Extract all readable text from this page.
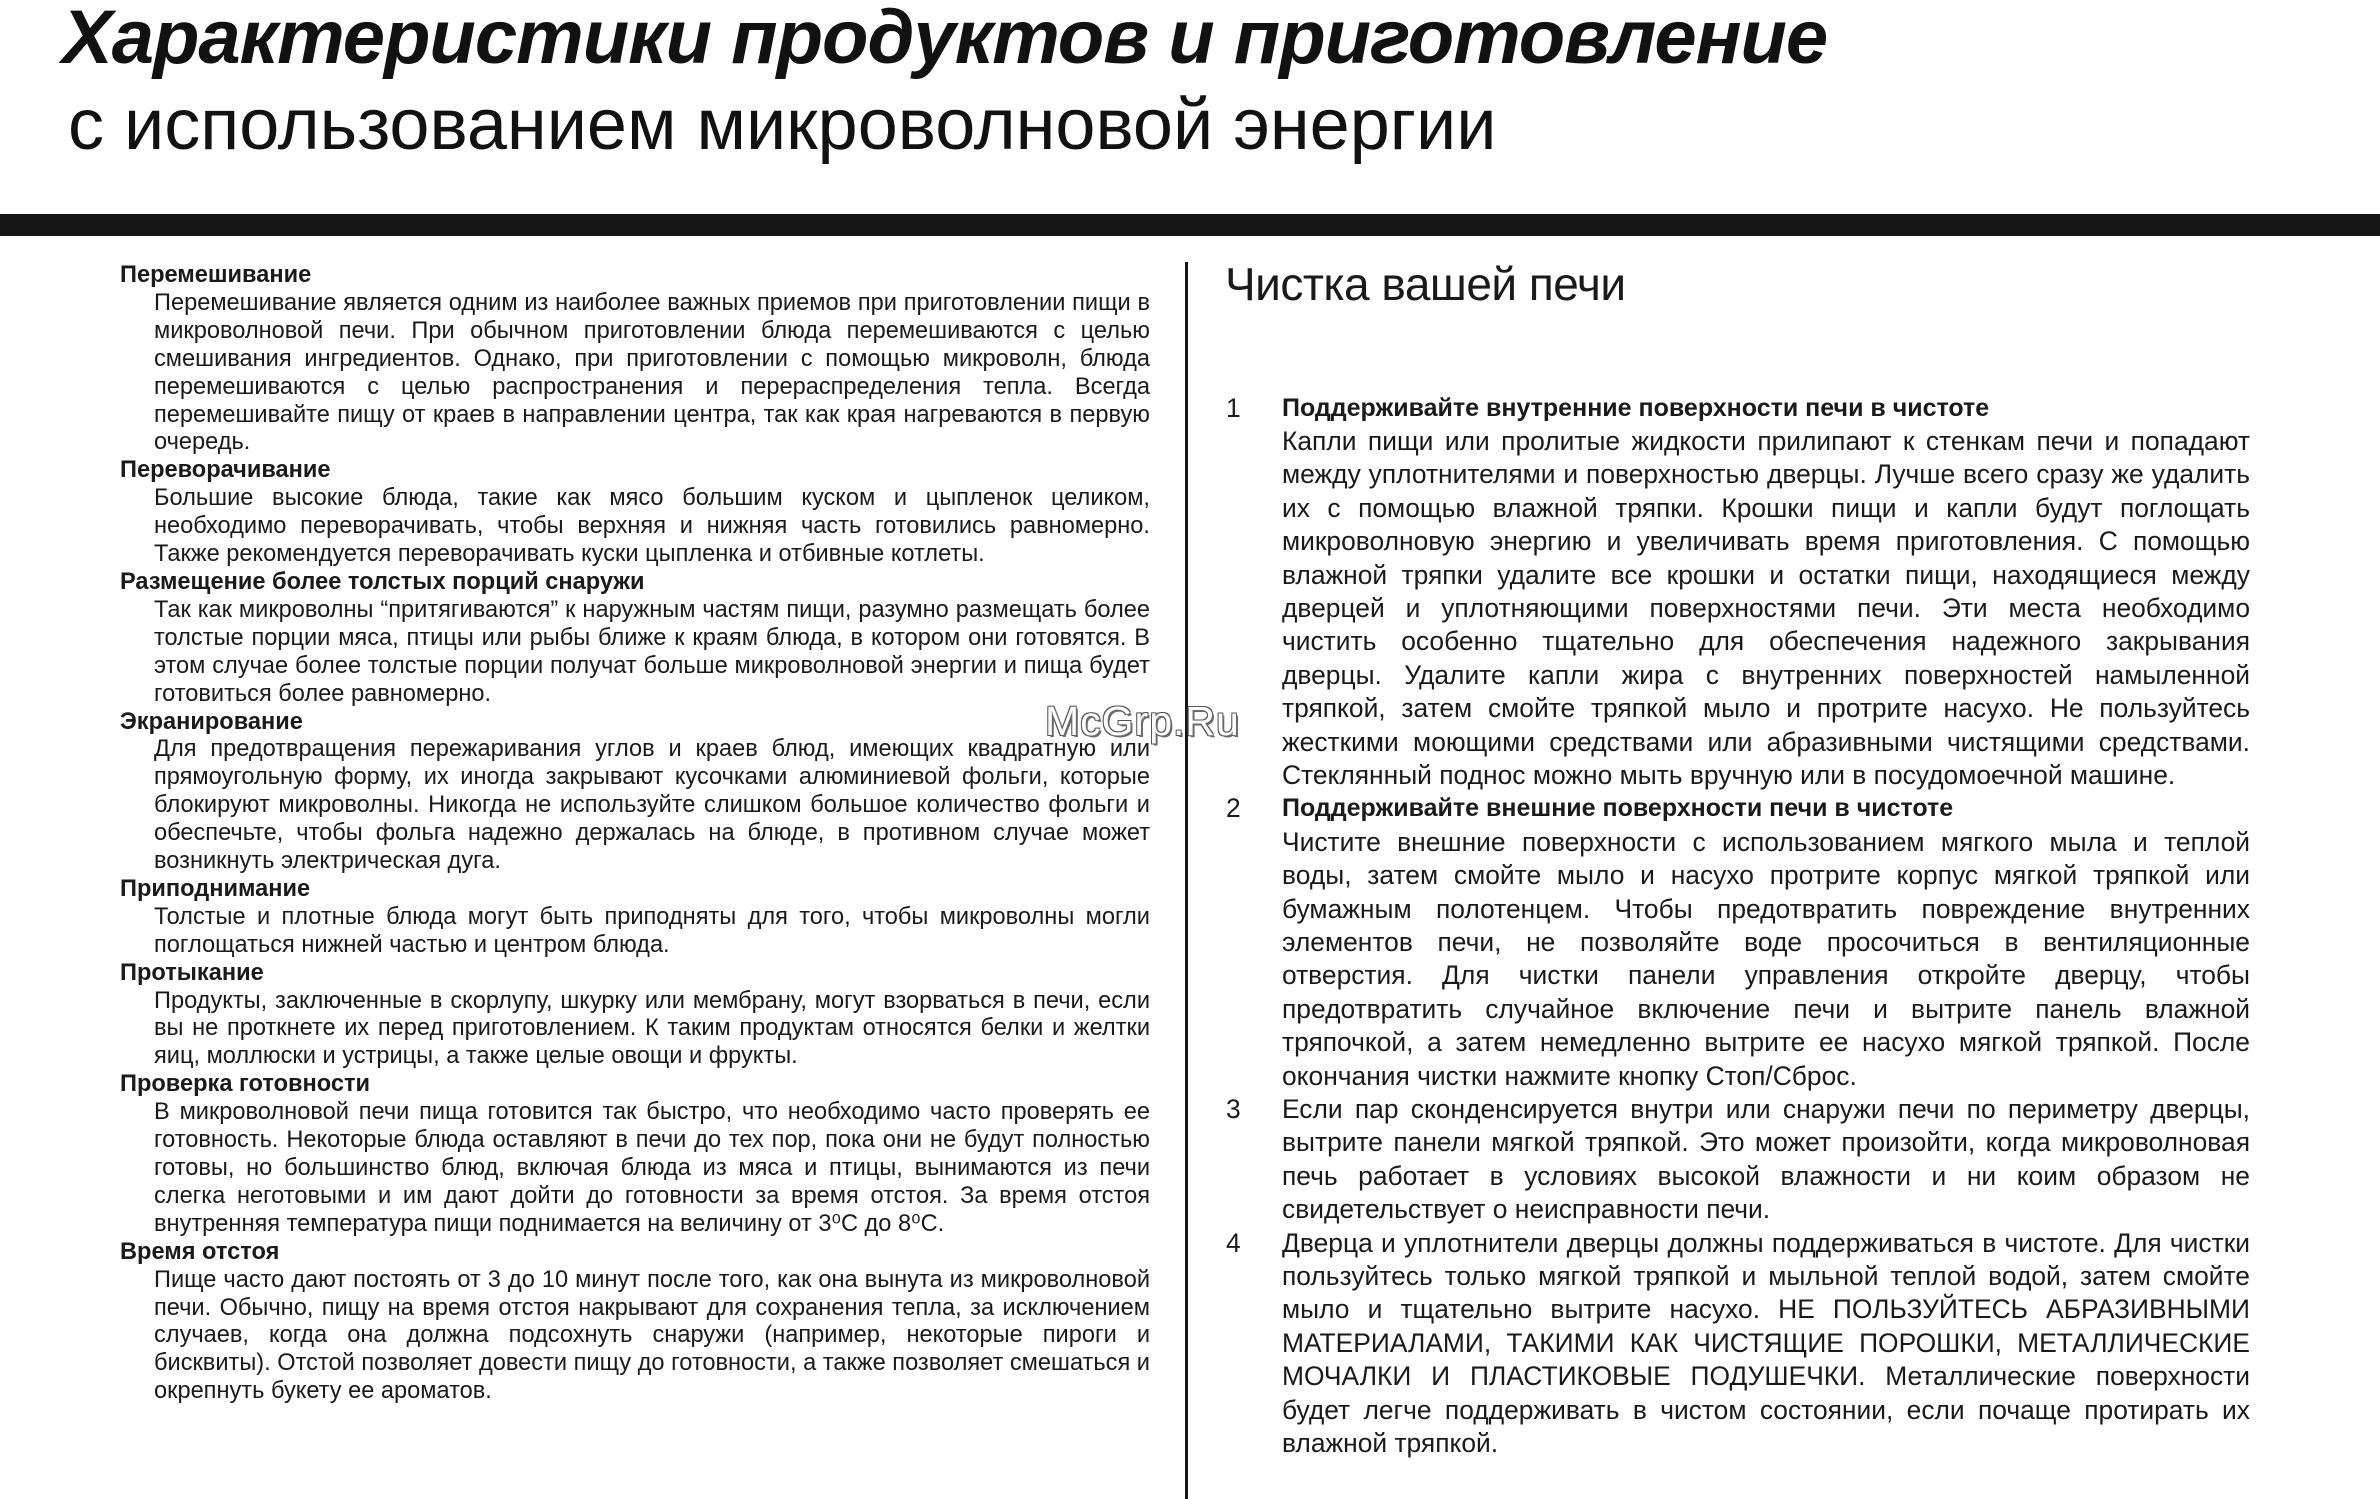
Характеристики продуктов и приготовление
с использованием микроволновой энергии

Перемешивание

Перемешивание является одним из наиболее важных приемов при приготовлении пищи в микроволновой печи. При обычном приготовлении блюда перемешиваются с целью смешивания ингредиентов. Однако, при приготовлении с помощью микроволн, блюда перемешиваются с целью распространения и перераспределения тепла. Всегда перемешивайте пищу от краев в направлении центра, так как края нагреваются в первую очередь.

Переворачивание

Большие высокие блюда, такие как мясо большим куском и цыпленок целиком, необходимо переворачивать, чтобы верхняя и нижняя часть готовились равномерно. Также рекомендуется переворачивать куски цыпленка и отбивные котлеты.

Размещение более толстых порций снаружи

Так как микроволны “притягиваются” к наружным частям пищи, разумно размещать более толстые порции мяса, птицы или рыбы ближе к краям блюда, в котором они готовятся. В этом случае более толстые порции получат больше микроволновой энергии и пища будет готовиться более равномерно.

Экранирование

Для предотвращения пережаривания углов и краев блюд, имеющих квадратную или прямоугольную форму, их иногда закрывают кусочками алюминиевой фольги, которые блокируют микроволны. Никогда не используйте слишком большое количество фольги и обеспечьте, чтобы фольга надежно держалась на блюде, в противном случае может возникнуть электрическая дуга.

Приподнимание

Толстые и плотные блюда могут быть приподняты для того, чтобы микроволны могли поглощаться нижней частью и центром блюда.

Протыкание

Продукты, заключенные в скорлупу, шкурку или мембрану, могут взорваться в печи, если вы не проткнете их перед приготовлением. К таким продуктам относятся белки и желтки яиц, моллюски и устрицы, а также целые овощи и фрукты.

Проверка готовности

В микроволновой печи пища готовится так быстро, что необходимо часто проверять ее готовность. Некоторые блюда оставляют в печи до тех пор, пока они не будут полностью готовы, но большинство блюд, включая блюда из мяса и птицы, вынимаются из печи слегка неготовыми и им дают дойти до готовности за время отстоя. За время отстоя внутренняя температура пищи поднимается на величину от 3⁰С до 8⁰С.

Время отстоя

Пище часто дают постоять от 3 до 10 минут после того, как она вынута из микроволновой печи. Обычно, пищу на время отстоя накрывают для сохранения тепла, за исключением случаев, когда она должна подсохнуть снаружи (например, некоторые пироги и бисквиты). Отстой позволяет довести пищу до готовности, а также позволяет смешаться и окрепнуть букету ее ароматов.

Чистка вашей печи
1 Поддерживайте внутренние поверхности печи в чистоте

Капли пищи или пролитые жидкости прилипают к стенкам печи и попадают между уплотнителями и поверхностью дверцы. Лучше всего сразу же удалить их с помощью влажной тряпки. Крошки пищи и капли будут поглощать микроволновую энергию и увеличивать время приготовления. С помощью влажной тряпки удалите все крошки и остатки пищи, находящиеся между дверцей и уплотняющими поверхностями печи. Эти места необходимо чистить особенно тщательно для обеспечения надежного закрывания дверцы. Удалите капли жира с внутренних поверхностей намыленной тряпкой, затем смойте тряпкой мыло и протрите насухо. Не пользуйтесь жесткими моющими средствами или абразивными чистящими средствами. Стеклянный поднос можно мыть вручную или в посудомоечной машине.

2 Поддерживайте внешние поверхности печи в чистоте

Чистите внешние поверхности с использованием мягкого мыла и теплой воды, затем смойте мыло и насухо протрите корпус мягкой тряпкой или бумажным полотенцем. Чтобы предотвратить повреждение внутренних элементов печи, не позволяйте воде просочиться в вентиляционные отверстия. Для чистки панели управления откройте дверцу, чтобы предотвратить случайное включение печи и вытрите панель влажной тряпочкой, а затем немедленно вытрите ее насухо мягкой тряпкой. После окончания чистки нажмите кнопку Стоп/Сброс.

3 Если пар сконденсируется внутри или снаружи печи по периметру дверцы, вытрите панели мягкой тряпкой. Это может произойти, когда микроволновая печь работает в условиях высокой влажности и ни коим образом не свидетельствует о неисправности печи.

4 Дверца и уплотнители дверцы должны поддерживаться в чистоте. Для чистки пользуйтесь только мягкой тряпкой и мыльной теплой водой, затем смойте мыло и тщательно вытрите насухо. НЕ ПОЛЬЗУЙТЕСЬ АБРАЗИВНЫМИ МАТЕРИАЛАМИ, ТАКИМИ КАК ЧИСТЯЩИЕ ПОРОШКИ, МЕТАЛЛИЧЕСКИЕ МОЧАЛКИ И ПЛАСТИКОВЫЕ ПОДУШЕЧКИ. Металлические поверхности будет легче поддерживать в чистом состоянии, если почаще протирать их влажной тряпкой.

McGrp.Ru
